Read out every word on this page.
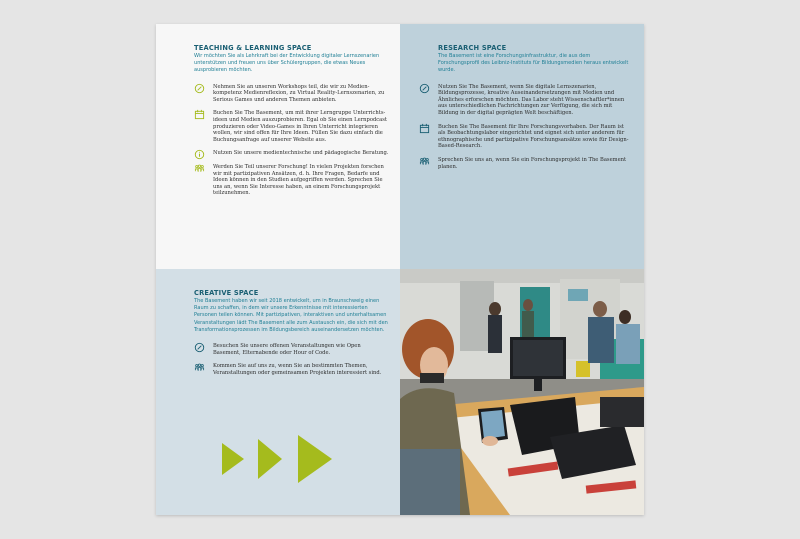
TEACHING & LEARNING SPACE
Wir möchten Sie als Lehrkraft bei der Entwicklung digitaler Lernszenarien unterstützen und freuen uns über Schülergruppen, die etwas Neues ausprobieren möchten.
Nehmen Sie an unseren Workshops teil, die wir zu Medienkompetenz Medienreflexion, zu Virtual Reality-Lernszenarien, zu Serious Games und anderen Themen anbieten.
Buchen Sie The Basement, um mit ihrer Lerngruppe Unterrichtsideen und Medien auszuprobieren. Egal ob Sie einen Lernpodcast produzieren oder Video-Games in Ihren Unterricht integrieren wollen, wir sind offen für Ihre Ideen. Füllen Sie dazu einfach die Buchungsanfrage auf unserer Website aus.
Nutzen Sie unsere medientechnische und pädagogische Beratung.
Werden Sie Teil unserer Forschung! In vielen Projekten forschen wir mit partizipativen Ansätzen, d. h. Ihre Fragen, Bedarfe und Ideen können in den Studien aufgegriffen werden. Sprechen Sie uns an, wenn Sie Interesse haben, an einem Forschungsprojekt teilzunehmen.
RESEARCH SPACE
The Basement ist eine Forschungsinfrastruktur, die aus dem Forschungsprofil des Leibniz-Instituts für Bildungsmedien heraus entwickelt wurde.
Nutzen Sie The Basement, wenn Sie digitale Lernszenarien, Bildungsprozesse, kreative Auseinandersetzungen mit Medien und Ähnliches erforschen möchten. Das Labor steht Wissenschaftler*innen aus unterschiedlichen Fachrichtungen zur Verfügung, die sich mit Bildung in der digital geprägten Welt beschäftigen.
Buchen Sie The Basement für Ihre Forschungsvorhaben. Der Raum ist als Beobachtungslabor eingerichtet und eignet sich unter anderem für ethnographische und partizipative Forschungsansätze sowie für Design-Based-Research.
Sprechen Sie uns an, wenn Sie ein Forschungsprojekt in The Basement planen.
CREATIVE SPACE
The Basement haben wir seit 2018 entwickelt, um in Braunschweig einen Raum zu schaffen, in dem wir unsere Erkenntnisse mit interessierten Personen teilen können. Mit partizipativen, interaktiven und unterhaltsamen Veranstaltungen lädt The Basement alle zum Austausch ein, die sich mit den Transformationsprozessen im Bildungsbereich auseinandersetzen möchten.
Besuchen Sie unsere offenen Veranstaltungen wie Open Basement, Elternabende oder Hour of Code.
Kommen Sie auf uns zu, wenn Sie an bestimmten Themen, Veranstaltungen oder gemeinsamen Projekten interessiert sind.
